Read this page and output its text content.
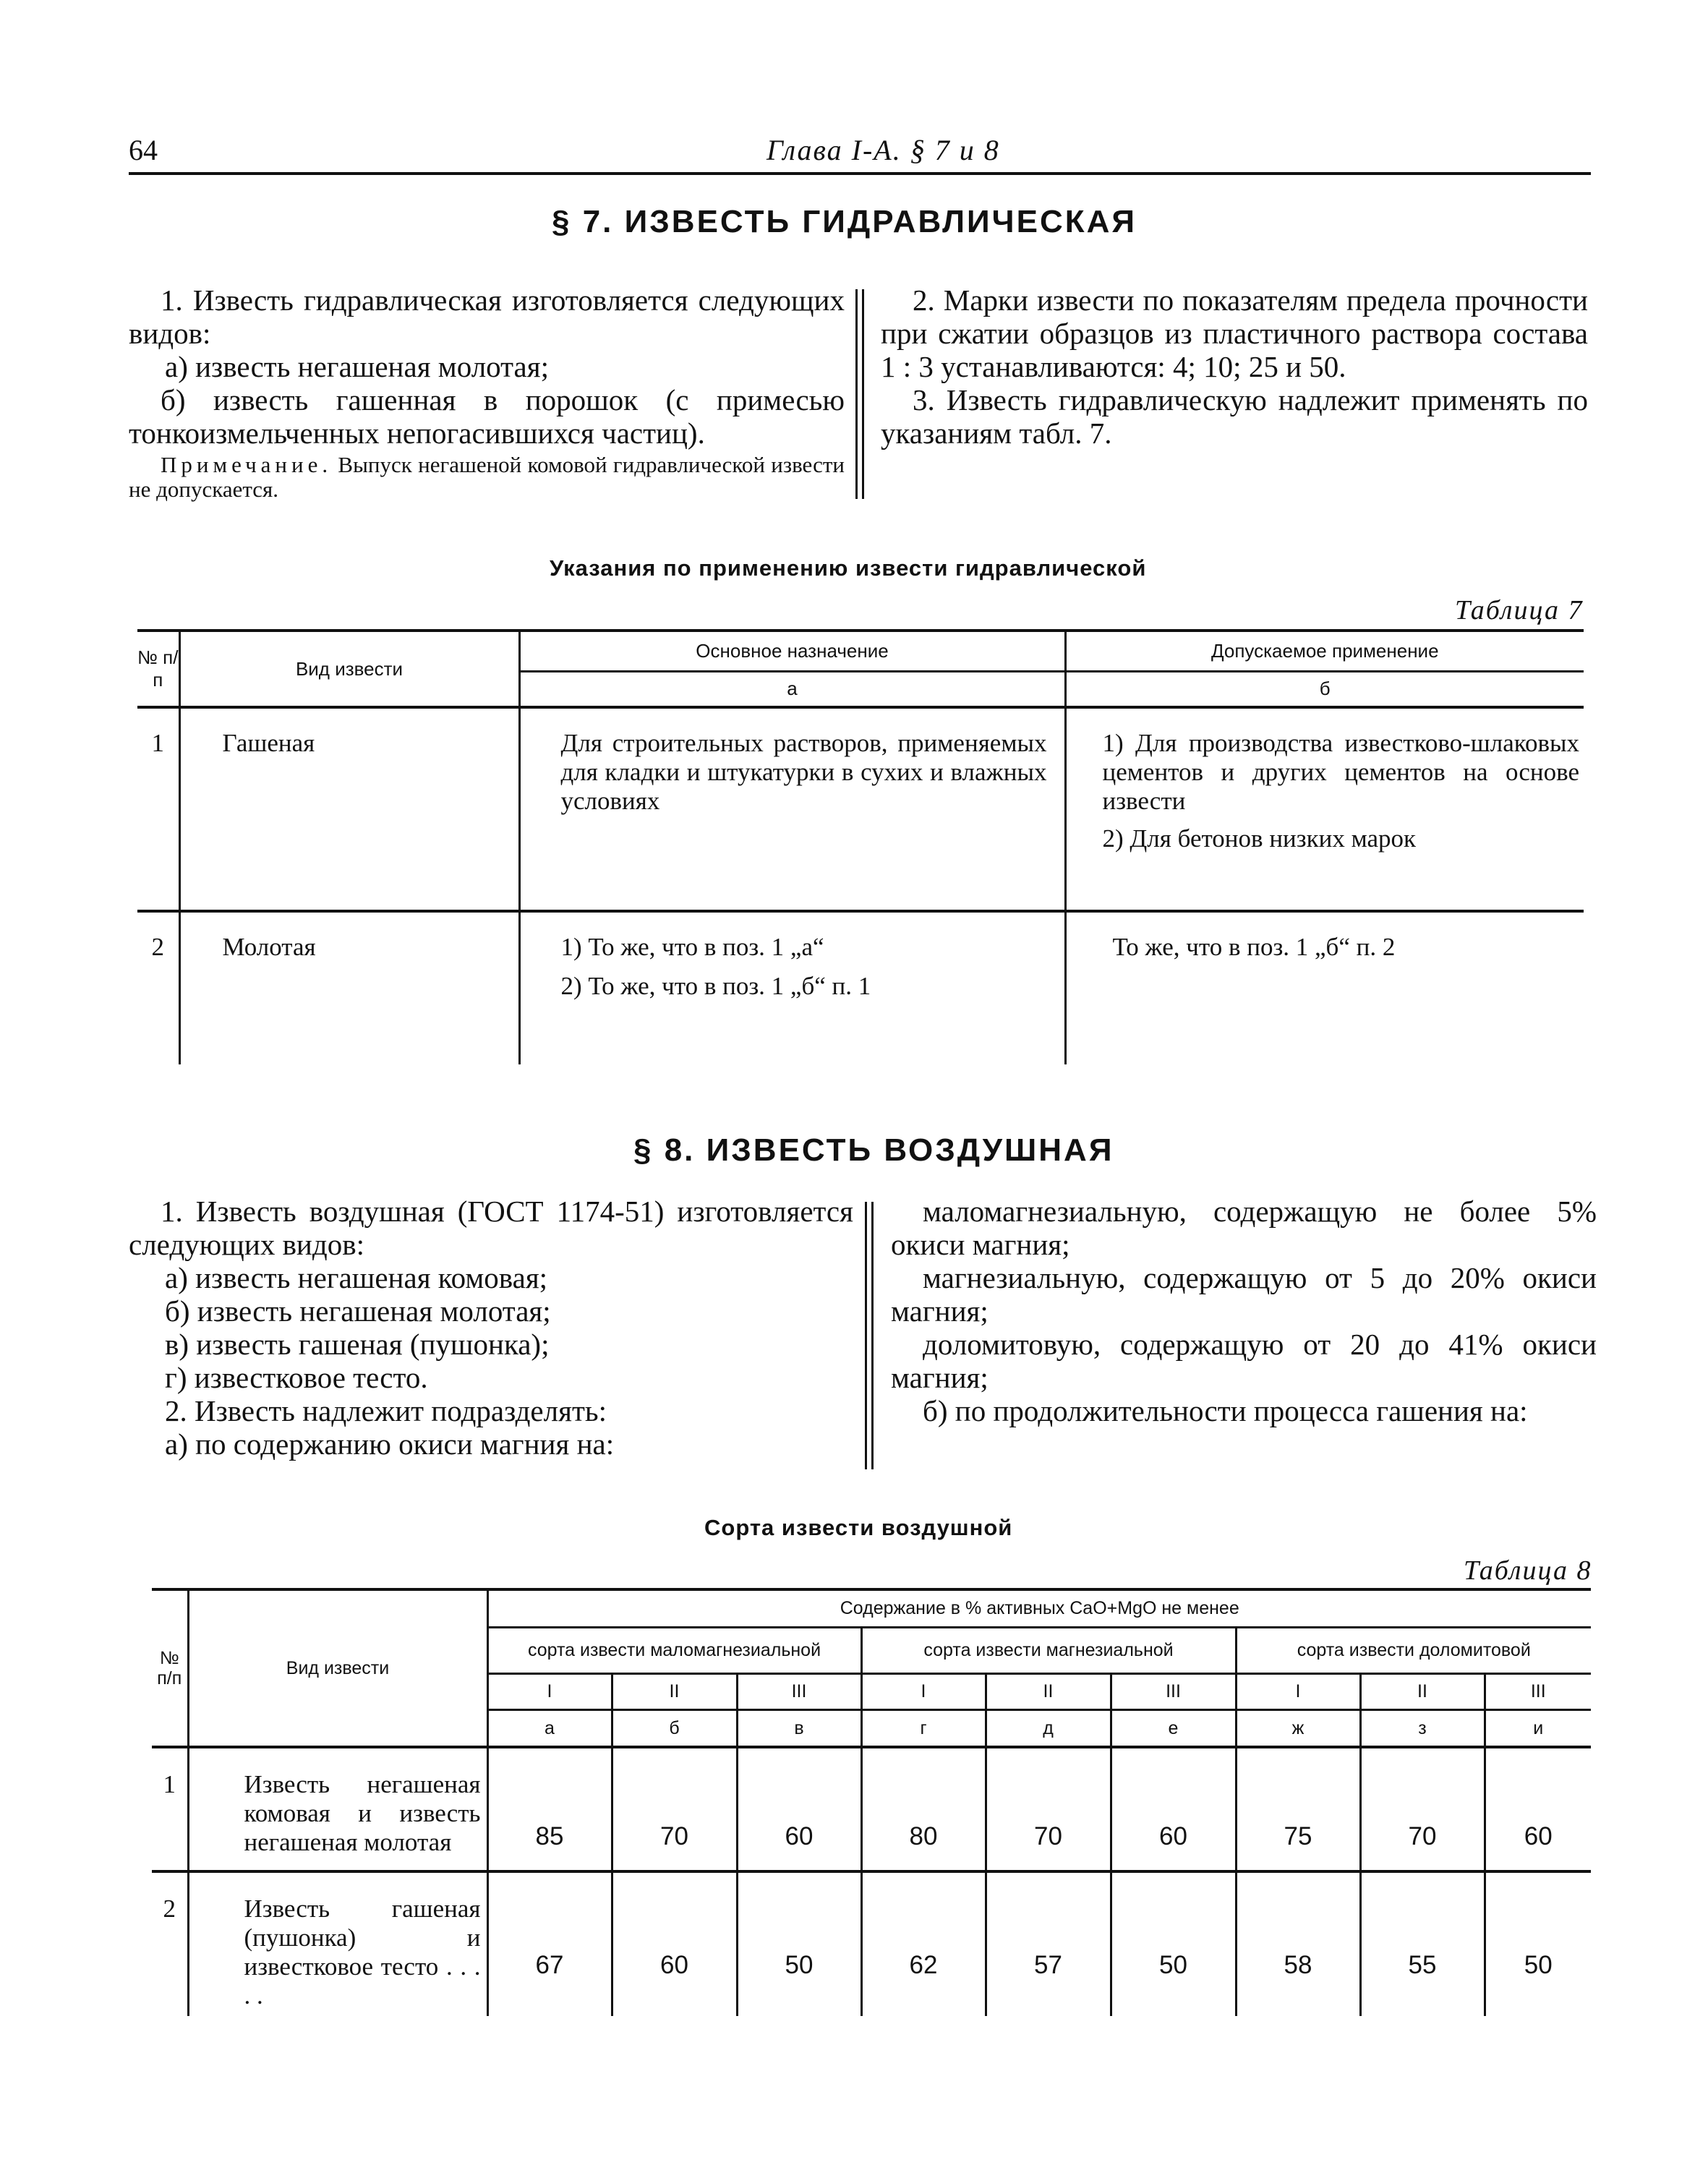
64	Глава I-А. § 7 и 8
§ 7. ИЗВЕСТЬ ГИДРАВЛИЧЕСКАЯ

1. Известь гидравлическая изготовляется следующих видов:

а) известь негашеная молотая;

б) известь гашенная в порошок (с примесью тонкоизмельченных непогасившихся частиц).

Примечание. Выпуск негашеной комовой гидравлической извести не допускается.

2. Марки извести по показателям предела прочности при сжатии образцов из пластичного раствора состава 1 : 3 устанавливаются: 4; 10; 25 и 50.

3. Известь гидравлическую надлежит применять по указаниям табл. 7.

Указания по применению извести гидравлической
Таблица 7
№ п/п	Вид извести	Основное назначение	Допускаемое применение
		а	б
1	Гашеная	Для строительных растворов, применяемых для кладки и штукатурки в сухих и влажных условиях	1) Для производства известково-шлаковых цементов и других цементов на основе извести
2) Для бетонов низких марок

2	Молотая	1) То же, что в поз. 1 „а“
2) То же, что в поз. 1 „б“ п. 1	То же, что в поз. 1 „б“ п. 2
§ 8. ИЗВЕСТЬ ВОЗДУШНАЯ

1. Известь воздушная (ГОСТ 1174-51) изготовляется следующих видов:

а) известь негашеная комовая;

б) известь негашеная молотая;

в) известь гашеная (пушонка);

г) известковое тесто.

2. Известь надлежит подразделять:

а) по содержанию окиси магния на:

маломагнезиальную, содержащую не более 5% окиси магния;

магнезиальную, содержащую от 5 до 20% окиси магния;

доломитовую, содержащую от 20 до 41% окиси магния;

б) по продолжительности процесса гашения на:

Сорта извести воздушной
Таблица 8
№ п/п	Вид извести	Содержание в % активных CaO+MgO не менее								
		сорта извести маломагнезиальной			сорта извести магнезиальной			сорта извести доломитовой		
		I	II	III	I	II	III	I	II	III
		а	б	в	г	д	е	ж	з	и
1	Известь негашеная комовая и известь негашеная молотая	85	70	60	80	70	60	75	70	60
2	Известь гашеная (пушонка) и известковое тесто . . . . .	67	60	50	62	57	50	58	55	50
